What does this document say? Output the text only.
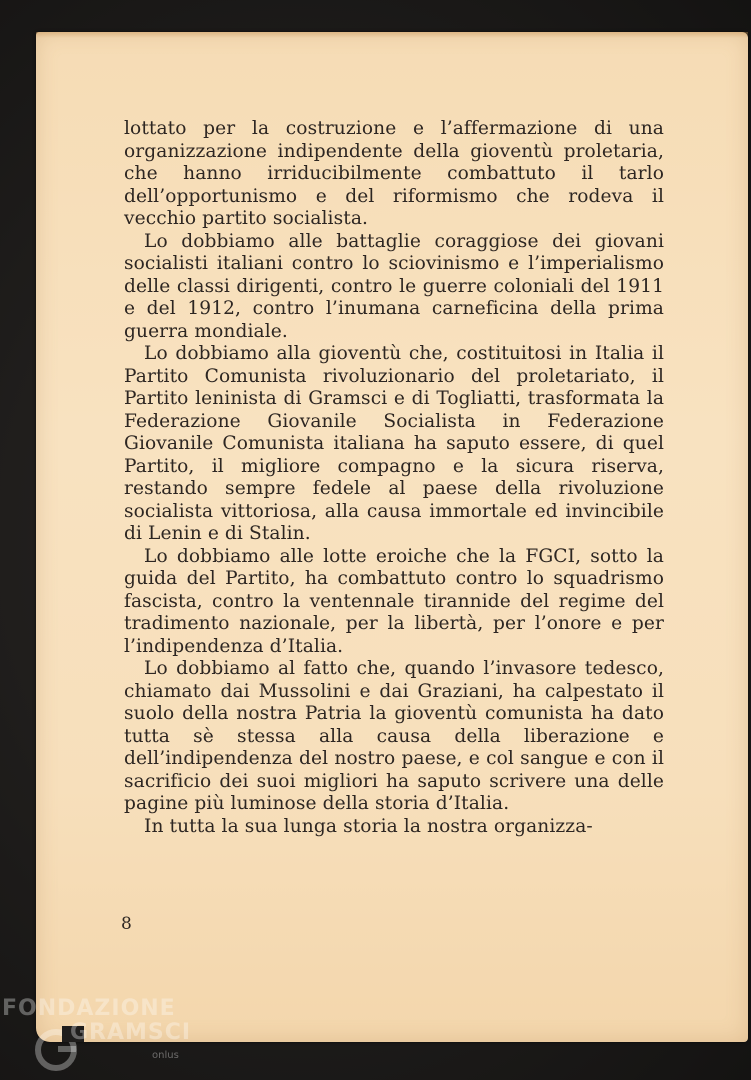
lottato per la costruzione e l’affermazione di una organizzazione indipendente della gioventù proletaria, che hanno irriducibilmente combattuto il tarlo dell’opportunismo e del riformismo che rodeva il vecchio partito socialista.

Lo dobbiamo alle battaglie coraggiose dei giovani socialisti italiani contro lo sciovinismo e l’imperialismo delle classi dirigenti, contro le guerre coloniali del 1911 e del 1912, contro l’inumana carneficina della prima guerra mondiale.

Lo dobbiamo alla gioventù che, costituitosi in Italia il Partito Comunista rivoluzionario del proletariato, il Partito leninista di Gramsci e di Togliatti, trasformata la Federazione Giovanile Socialista in Federazione Giovanile Comunista italiana ha saputo essere, di quel Partito, il migliore compagno e la sicura riserva, restando sempre fedele al paese della rivoluzione socialista vittoriosa, alla causa immortale ed invincibile di Lenin e di Stalin.

Lo dobbiamo alle lotte eroiche che la FGCI, sotto la guida del Partito, ha combattuto contro lo squadrismo fascista, contro la ventennale tirannide del regime del tradimento nazionale, per la libertà, per l’onore e per l’indipendenza d’Italia.

Lo dobbiamo al fatto che, quando l’invasore tedesco, chiamato dai Mussolini e dai Graziani, ha calpestato il suolo della nostra Patria la gioventù comunista ha dato tutta sè stessa alla causa della liberazione e dell’indipendenza del nostro paese, e col sangue e con il sacrificio dei suoi migliori ha saputo scrivere una delle pagine più luminose della storia d’Italia.

In tutta la sua lunga storia la nostra organizza-

8
FONDAZIONE
GRAMSCI
onlus
